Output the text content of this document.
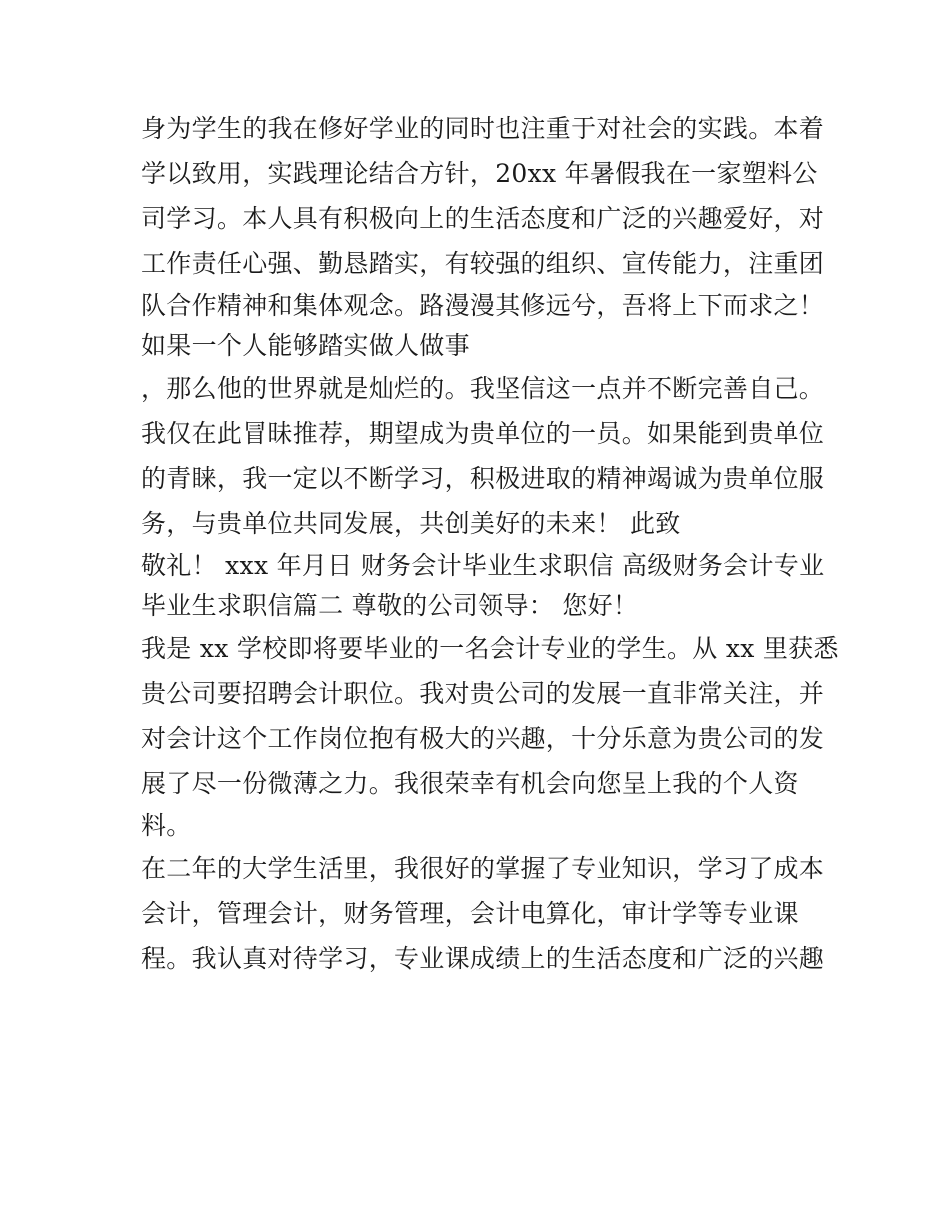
身为学生的我在修好学业的同时也注重于对社会的实践。本着
学以致用，实践理论结合方针，20xx 年暑假我在一家塑料公
司学习。本人具有积极向上的生活态度和广泛的兴趣爱好，对
工作责任心强、勤恳踏实，有较强的组织、宣传能力，注重团
队合作精神和集体观念。路漫漫其修远兮，吾将上下而求之！
如果一个人能够踏实做人做事
，那么他的世界就是灿烂的。我坚信这一点并不断完善自己。
我仅在此冒昧推荐，期望成为贵单位的一员。如果能到贵单位
的青睐，我一定以不断学习，积极进取的精神竭诚为贵单位服
务，与贵单位共同发展，共创美好的未来！ 此致
敬礼！ xxx 年月日 财务会计毕业生求职信 高级财务会计专业
毕业生求职信篇二 尊敬的公司领导： 您好！
我是 xx 学校即将要毕业的一名会计专业的学生。从 xx 里获悉
贵公司要招聘会计职位。我对贵公司的发展一直非常关注，并
对会计这个工作岗位抱有极大的兴趣，十分乐意为贵公司的发
展了尽一份微薄之力。我很荣幸有机会向您呈上我的个人资
料。
在二年的大学生活里，我很好的掌握了专业知识，学习了成本
会计，管理会计，财务管理，会计电算化，审计学等专业课
程。我认真对待学习，专业课成绩上的生活态度和广泛的兴趣
